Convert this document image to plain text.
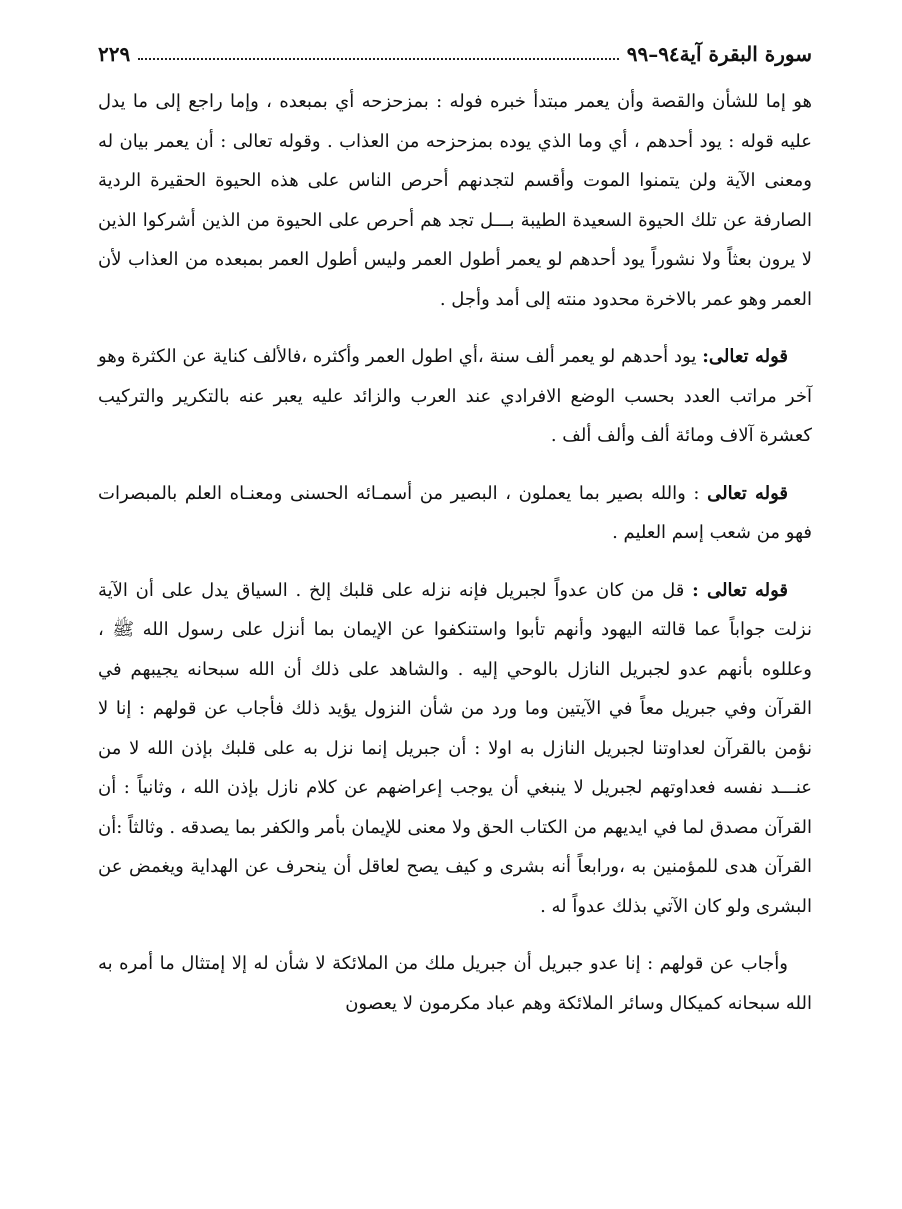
سورة البقرة آية٩٤–٩٩
٢٢٩

هو إما للشأن والقصة وأن يعمر مبتدأ خبره فوله : بمزحزحه أي بمبعده ، وإما راجع إلى ما يدل عليه قوله : يود أحدهم ، أي وما الذي يوده بمزحزحه من العذاب . وقوله تعالى : أن يعمر بيان له ومعنى الآية ولن يتمنوا الموت وأقسم لتجدنهم أحرص الناس على هذه الحيوة الحقيرة الردية الصارفة عن تلك الحيوة السعيدة الطيبة بـــل تجد هم أحرص على الحيوة من الذين أشركوا الذين لا يرون بعثاً ولا نشوراً يود أحدهم لو يعمر أطول العمر وليس أطول العمر بمبعده من العذاب لأن العمر وهو عمر بالاخرة محدود منته إلى أمد وأجل .

قوله تعالى: يود أحدهم لو يعمر ألف سنة ،أي اطول العمر وأكثره ،فالألف كناية عن الكثرة وهو آخر مراتب العدد بحسب الوضع الافرادي عند العرب والزائد عليه يعبر عنه بالتكرير والتركيب كعشرة آلاف ومائة ألف وألف ألف .

قوله تعالى : والله بصير بما يعملون ، البصير من أسمـائه الحسنى ومعنـاه العلم بالمبصرات فهو من شعب إسم العليم .

قوله تعالى : قل من كان عدواً لجبريل فإنه نزله على قلبك إلخ . السياق يدل على أن الآية نزلت جواباً عما قالته اليهود وأنهم تأبوا واستنكفوا عن الإيمان بما أنزل على رسول الله ﷺ ، وعللوه بأنهم عدو لجبريل النازل بالوحي إليه . والشاهد على ذلك أن الله سبحانه يجيبهم في القرآن وفي جبريل معاً في الآيتين وما ورد من شأن النزول يؤيد ذلك فأجاب عن قولهم : إنا لا نؤمن بالقرآن لعداوتنا لجبريل النازل به اولا : أن جبريل إنما نزل به على قلبك بإذن الله لا من عنـــد نفسه فعداوتهم لجبريل لا ينبغي أن يوجب إعراضهم عن كلام نازل بإذن الله ، وثانياً : أن القرآن مصدق لما في ايديهم من الكتاب الحق ولا معنى للإيمان بأمر والكفر بما يصدقه . وثالثاً :أن القرآن هدى للمؤمنين به ،ورابعاً أنه بشرى و كيف يصح لعاقل أن ينحرف عن الهداية ويغمض عن البشرى ولو كان الآتي بذلك عدواً له .

وأجاب عن قولهم : إنا عدو جبريل أن جبريل ملك من الملائكة لا شأن له إلا إمتثال ما أمره به الله سبحانه كميكال وسائر الملائكة وهم عباد مكرمون لا يعصون
